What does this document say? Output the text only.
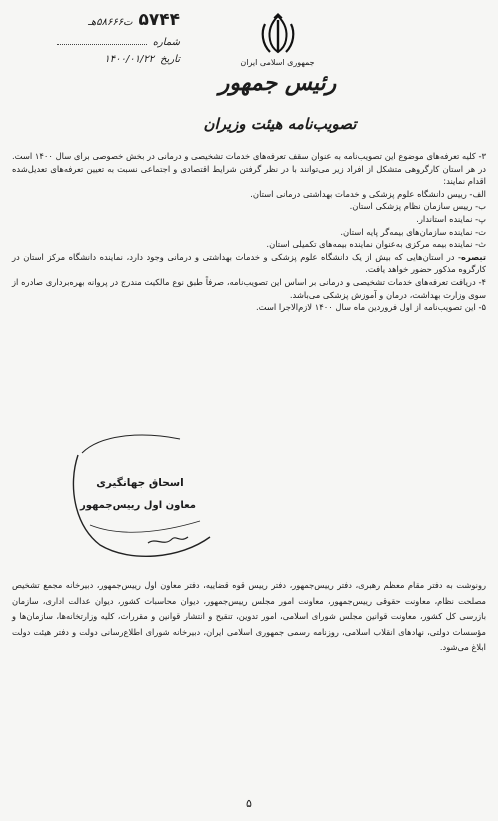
۵۷۴۴
ت۵۸۶۶۶هـ
شماره
تاریخ
۱۴۰۰/۰۱/۲۲	جمهوری اسلامی ایران
رئیس جمهور
تصویب‌نامه هیئت وزیران

۳- کلیه تعرفه‌های موضوع این تصویب‌نامه به عنوان سقف تعرفه‌های خدمات تشخیصی و درمانی در بخش خصوصی برای سال ۱۴۰۰ است. در هر استان کارگروهی متشکل از افراد زیر می‌توانند با در نظر گرفتن شرایط اقتصادی و اجتماعی نسبت به تعیین تعرفه‌های تعدیل‌شده اقدام نمایند:

الف- رییس دانشگاه علوم پزشکی و خدمات بهداشتی درمانی استان.

ب- رییس سازمان نظام پزشکی استان.

پ- نماینده استاندار.

ت- نماینده سازمان‌های بیمه‌گر پایه استان.

ث- نماینده بیمه مرکزی به‌عنوان نماینده بیمه‌های تکمیلی استان.

تبصره- در استان‌هایی که بیش از یک دانشگاه علوم پزشکی و خدمات بهداشتی و درمانی وجود دارد، نماینده دانشگاه مرکز استان در کارگروه مذکور حضور خواهد یافت.

۴- دریافت تعرفه‌های خدمات تشخیصی و درمانی بر اساس این تصویب‌نامه، صرفاً طبق نوع مالکیت مندرج در پروانه بهره‌برداری صادره از سوی وزارت بهداشت، درمان و آموزش پزشکی می‌باشد.

۵- این تصویب‌نامه از اول فروردین ماه سال ۱۴۰۰ لازم‌الاجرا است.

اسحاق جهانگیری
معاون اول رییس‌جمهور
رونوشت به دفتر مقام معظم رهبری، دفتر رییس‌جمهور، دفتر رییس قوه قضاییه، دفتر معاون اول رییس‌جمهور، دبیرخانه مجمع تشخیص مصلحت نظام، معاونت حقوقی رییس‌جمهور، معاونت امور مجلس رییس‌جمهور، دیوان محاسبات کشور، دیوان عدالت اداری، سازمان بازرسی کل کشور، معاونت قوانین مجلس شورای اسلامی، امور تدوین، تنقیح و انتشار قوانین و مقررات، کلیه وزارتخانه‌ها، سازمان‌ها و مؤسسات دولتی، نهادهای انقلاب اسلامی، روزنامه رسمی جمهوری اسلامی ایران، دبیرخانه شورای اطلاع‌رسانی دولت و دفتر هیئت دولت ابلاغ می‌شود.
۵
